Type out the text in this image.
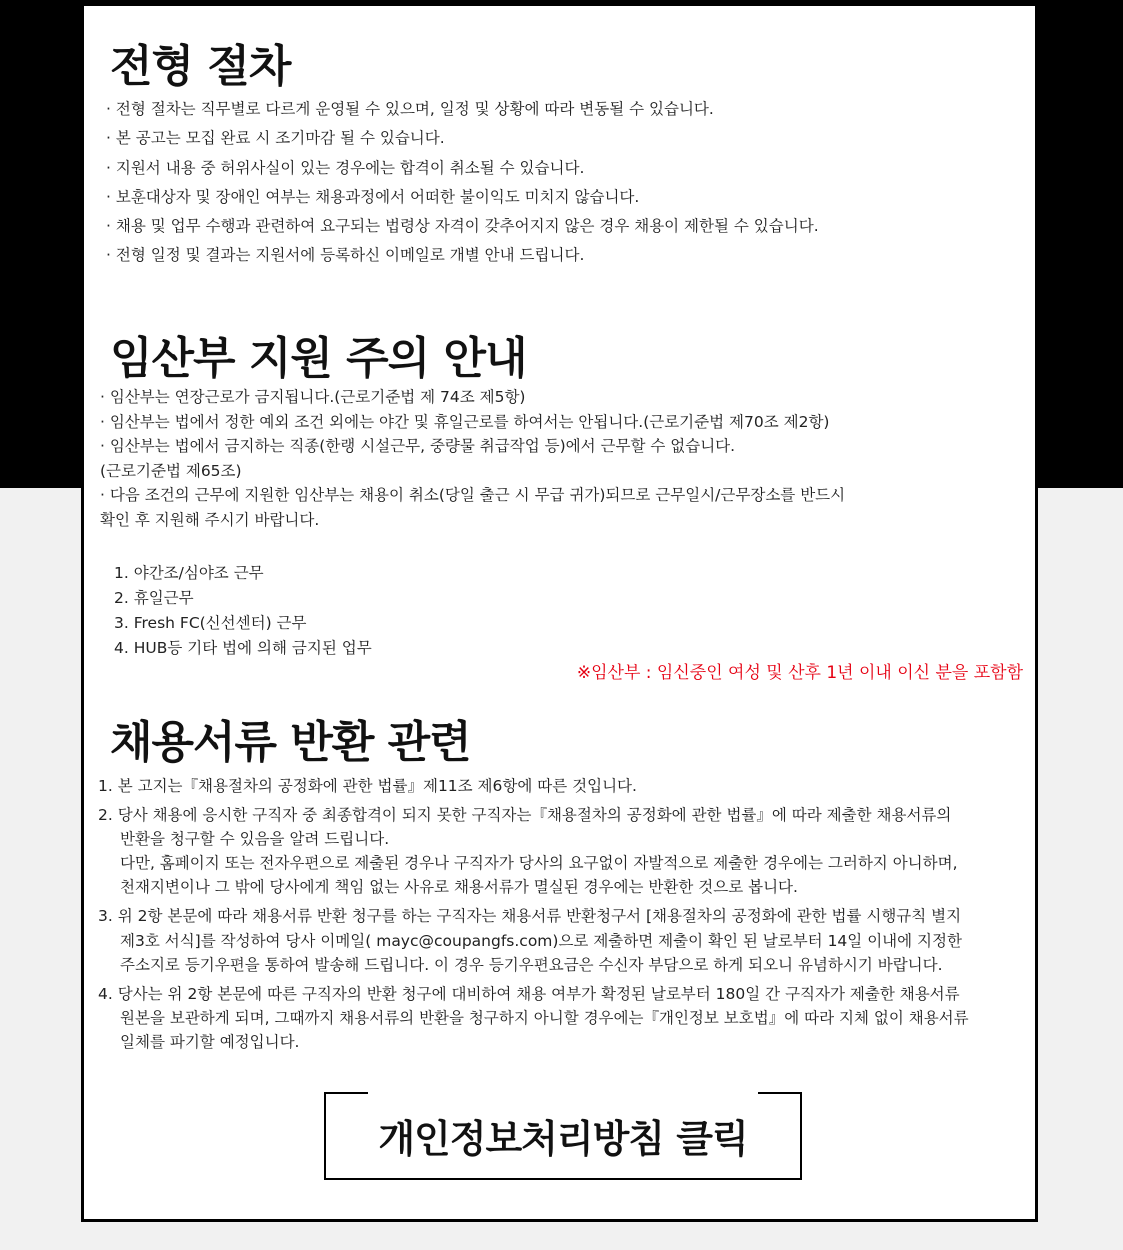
전형 절차
· 전형 절차는 직무별로 다르게 운영될 수 있으며, 일정 및 상황에 따라 변동될 수 있습니다.
· 본 공고는 모집 완료 시 조기마감 될 수 있습니다.
· 지원서 내용 중 허위사실이 있는 경우에는 합격이 취소될 수 있습니다.
· 보훈대상자 및 장애인 여부는 채용과정에서 어떠한 불이익도 미치지 않습니다.
· 채용 및 업무 수행과 관련하여 요구되는 법령상 자격이 갖추어지지 않은 경우 채용이 제한될 수 있습니다.
· 전형 일정 및 결과는 지원서에 등록하신 이메일로 개별 안내 드립니다.
임산부 지원 주의 안내
· 임산부는 연장근로가 금지됩니다.(근로기준법 제 74조 제5항)
· 임산부는 법에서 정한 예외 조건 외에는 야간 및 휴일근로를 하여서는 안됩니다.(근로기준법 제70조 제2항)
· 임산부는 법에서 금지하는 직종(한랭 시설근무, 중량물 취급작업 등)에서 근무할 수 없습니다.
(근로기준법 제65조)
· 다음 조건의 근무에 지원한 임산부는 채용이 취소(당일 출근 시 무급 귀가)되므로 근무일시/근무장소를 반드시
확인 후 지원해 주시기 바랍니다.
1. 야간조/심야조 근무
2. 휴일근무
3. Fresh FC(신선센터) 근무
4. HUB등 기타 법에 의해 금지된 업무
※임산부 : 임신중인 여성 및 산후 1년 이내 이신 분을 포함함
채용서류 반환 관련
1. 본 고지는『채용절차의 공정화에 관한 법률』제11조 제6항에 따른 것입니다.
2. 당사 채용에 응시한 구직자 중 최종합격이 되지 못한 구직자는『채용절차의 공정화에 관한 법률』에 따라 제출한 채용서류의
반환을 청구할 수 있음을 알려 드립니다.
다만, 홈페이지 또는 전자우편으로 제출된 경우나 구직자가 당사의 요구없이 자발적으로 제출한 경우에는 그러하지 아니하며,
천재지변이나 그 밖에 당사에게 책임 없는 사유로 채용서류가 멸실된 경우에는 반환한 것으로 봅니다.
3. 위 2항 본문에 따라 채용서류 반환 청구를 하는 구직자는 채용서류 반환청구서 [채용절차의 공정화에 관한 법률 시행규칙 별지
제3호 서식]를 작성하여 당사 이메일( mayc@coupangfs.com)으로 제출하면 제출이 확인 된 날로부터 14일 이내에 지정한
주소지로 등기우편을 통하여 발송해 드립니다. 이 경우 등기우편요금은 수신자 부담으로 하게 되오니 유념하시기 바랍니다.
4. 당사는 위 2항 본문에 따른 구직자의 반환 청구에 대비하여 채용 여부가 확정된 날로부터 180일 간 구직자가 제출한 채용서류
원본을 보관하게 되며, 그때까지 채용서류의 반환을 청구하지 아니할 경우에는『개인정보 보호법』에 따라 지체 없이 채용서류
일체를 파기할 예정입니다.
개인정보처리방침 클릭
